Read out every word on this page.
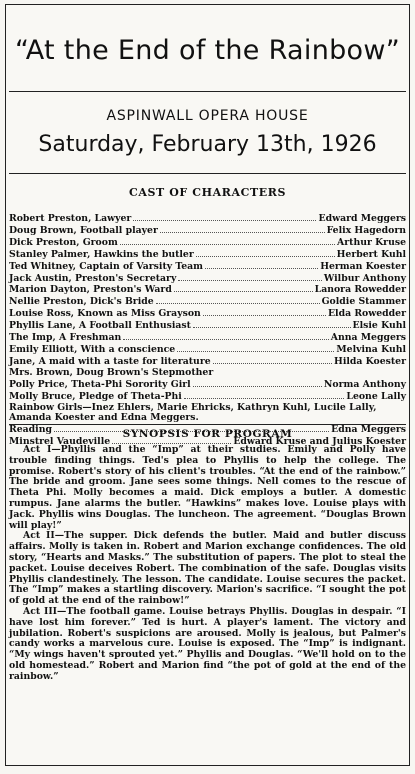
“At the End of the Rainbow”
ASPINWALL OPERA HOUSE
Saturday, February 13th, 1926
CAST OF CHARACTERS
Robert Preston, Lawyer	Edward Meggers
Doug Brown, Football player	Felix Hagedorn
Dick Preston, Groom	Arthur Kruse
Stanley Palmer, Hawkins the butler	Herbert Kuhl
Ted Whitney, Captain of Varsity Team	Herman Koester
Jack Austin, Preston's Secretary	Wilbur Anthony
Marion Dayton, Preston's Ward	Lanora Rowedder
Nellie Preston, Dick's Bride	Goldie Stammer
Louise Ross, Known as Miss Grayson	Elda Rowedder
Phyllis Lane, A Football Enthusiast	Elsie Kuhl
The Imp, A Freshman	Anna Meggers
Emily Elliott, With a conscience	Melvina Kuhl
Jane, A maid with a taste for literature	Hilda Koester
Mrs. Brown, Doug Brown's Stepmother
Polly Price, Theta-Phi Sorority Girl	Norma Anthony
Molly Bruce, Pledge of Theta-Phi	Leone Lally
Rainbow Girls—Inez Ehlers, Marie Ehricks, Kathryn Kuhl, Lucile Lally, Amanda Koester and Edna Meggers.
Reading	Edna Meggers
Minstrel Vaudeville	Edward Kruse and Julius Koester
SYNOPSIS FOR PROGRAM

Act I—Phyllis and the “Imp” at their studies. Emily and Polly have trouble finding things. Ted's plea to Phyllis to help the college. The promise. Robert's story of his client's troubles. “At the end of the rainbow.” The bride and groom. Jane sees some things. Nell comes to the rescue of Theta Phi. Molly becomes a maid. Dick employs a butler. A domestic rumpus. Jane alarms the butler. “Hawkins” makes love. Louise plays with Jack. Phyllis wins Douglas. The luncheon. The agreement. “Douglas Brown will play!”

Act II—The supper. Dick defends the butler. Maid and butler discuss affairs. Molly is taken in. Robert and Marion exchange confidences. The old story, “Hearts and Masks.” The substitution of papers. The plot to steal the packet. Louise deceives Robert. The combination of the safe. Douglas visits Phyllis clandestinely. The lesson. The candidate. Louise secures the packet. The “Imp” makes a startling discovery. Marion's sacrifice. “I sought the pot of gold at the end of the rainbow!”

Act III—The football game. Louise betrays Phyllis. Douglas in despair. “I have lost him forever.” Ted is hurt. A player's lament. The victory and jubilation. Robert's suspicions are aroused. Molly is jealous, but Palmer's candy works a marvelous cure. Louise is exposed. The “Imp” is indignant. “My wings haven't sprouted yet.” Phyllis and Douglas. “We'll hold on to the old homestead.” Robert and Marion find “the pot of gold at the end of the rainbow.”
